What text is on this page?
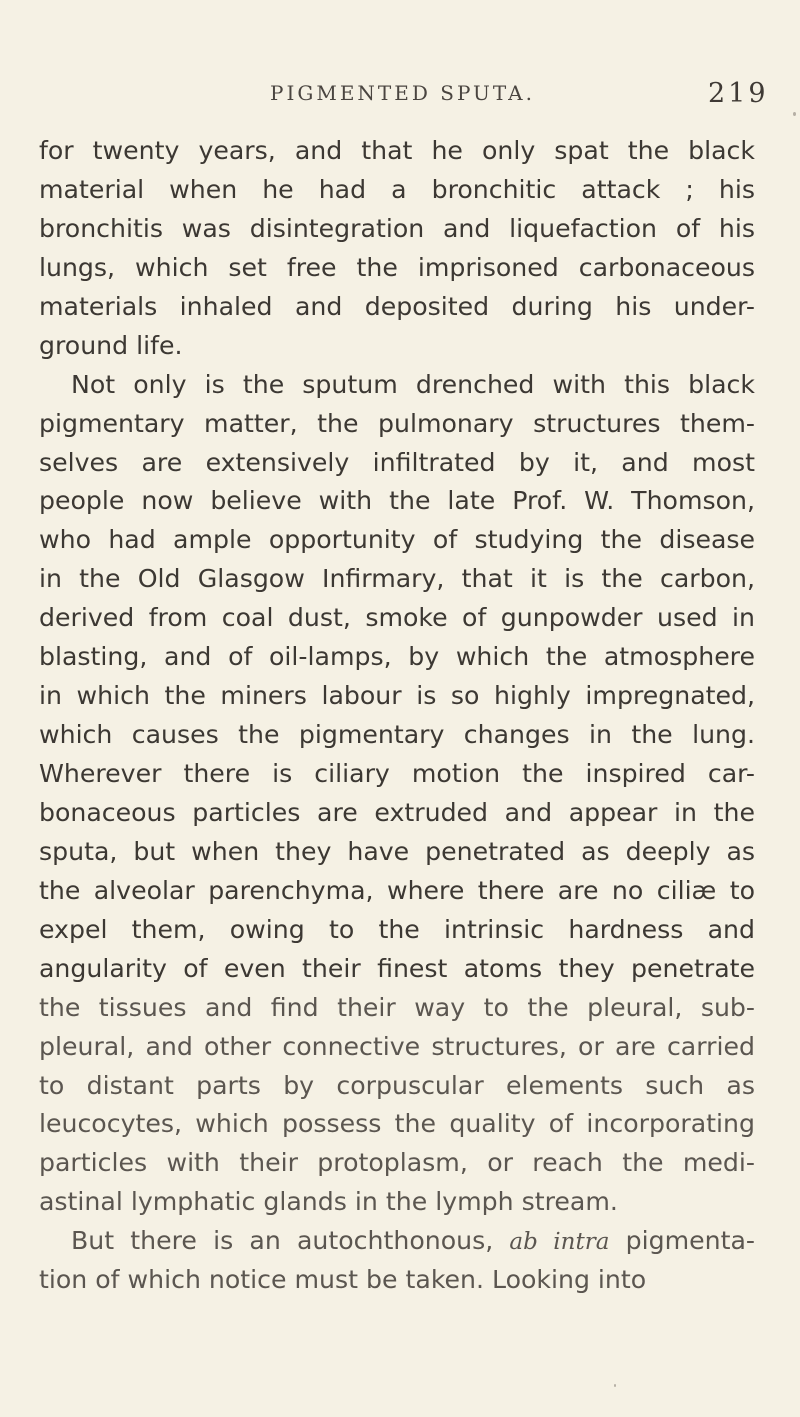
PIGMENTED SPUTA.	219
for twenty years, and that he only spat the black
material when he had a bronchitic attack ; his
bronchitis was disintegration and liquefaction of his
lungs, which set free the imprisoned carbonaceous
materials inhaled and deposited during his under-
ground life.
Not only is the sputum drenched with this black
pigmentary matter, the pulmonary structures them-
selves are extensively infiltrated by it, and most
people now believe with the late Prof. W. Thomson,
who had ample opportunity of studying the disease
in the Old Glasgow Infirmary, that it is the carbon,
derived from coal dust, smoke of gunpowder used in
blasting, and of oil-lamps, by which the atmosphere
in which the miners labour is so highly impregnated,
which causes the pigmentary changes in the lung.
Wherever there is ciliary motion the inspired car-
bonaceous particles are extruded and appear in the
sputa, but when they have penetrated as deeply as
the alveolar parenchyma, where there are no ciliæ to
expel them, owing to the intrinsic hardness and
angularity of even their finest atoms they penetrate
the tissues and find their way to the pleural, sub-
pleural, and other connective structures, or are carried
to distant parts by corpuscular elements such as
leucocytes, which possess the quality of incorporating
particles with their protoplasm, or reach the medi-
astinal lymphatic glands in the lymph stream.
But there is an autochthonous, ab intra pigmenta-
tion of which notice must be taken. Looking into
